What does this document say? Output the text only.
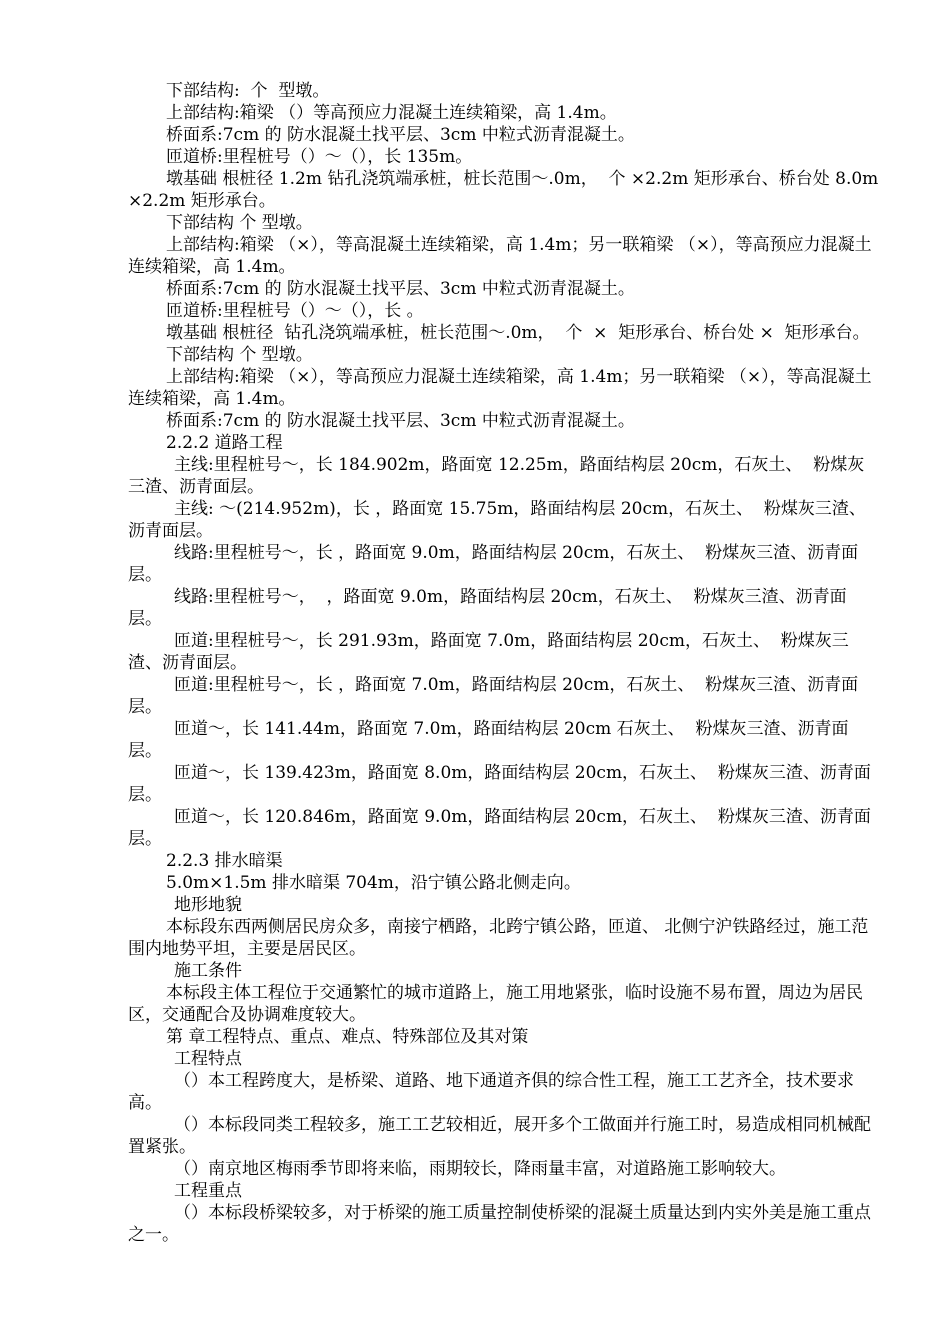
下部结构:  个  型墩。

上部结构:箱梁 （）等高预应力混凝土连续箱梁，高 1.4m。

桥面系:7cm 的 防水混凝土找平层、3cm 中粒式沥青混凝土。

匝道桥:里程桩号（）～（），长 135m。

墩基础 根桩径 1.2m 钻孔浇筑端承桩，桩长范围～.0m，  个 ×2.2m 矩形承台、桥台处 8.0m ×2.2m 矩形承台。

下部结构 个 型墩。

上部结构:箱梁 （×），等高混凝土连续箱梁，高 1.4m；另一联箱梁 （×），等高预应力混凝土连续箱梁，高 1.4m。

桥面系:7cm 的 防水混凝土找平层、3cm 中粒式沥青混凝土。

匝道桥:里程桩号（）～（），长 。

墩基础 根桩径  钻孔浇筑端承桩，桩长范围～.0m，  个  ×  矩形承台、桥台处 ×  矩形承台。

下部结构 个 型墩。

上部结构:箱梁 （×），等高预应力混凝土连续箱梁，高 1.4m；另一联箱梁 （×），等高混凝土连续箱梁，高 1.4m。

桥面系:7cm 的 防水混凝土找平层、3cm 中粒式沥青混凝土。

2.2.2 道路工程

主线:里程桩号～，长 184.902m，路面宽 12.25m，路面结构层 20cm，石灰土、  粉煤灰三渣、沥青面层。

主线: ～(214.952m)，长 ，路面宽 15.75m，路面结构层 20cm，石灰土、  粉煤灰三渣、沥青面层。

线路:里程桩号～，长 ，路面宽 9.0m，路面结构层 20cm，石灰土、  粉煤灰三渣、沥青面层。

线路:里程桩号～，  ，路面宽 9.0m，路面结构层 20cm，石灰土、  粉煤灰三渣、沥青面层。

匝道:里程桩号～，长 291.93m，路面宽 7.0m，路面结构层 20cm，石灰土、  粉煤灰三渣、沥青面层。

匝道:里程桩号～，长 ，路面宽 7.0m，路面结构层 20cm，石灰土、  粉煤灰三渣、沥青面层。

匝道～，长 141.44m，路面宽 7.0m，路面结构层 20cm 石灰土、  粉煤灰三渣、沥青面层。

匝道～，长 139.423m，路面宽 8.0m，路面结构层 20cm，石灰土、  粉煤灰三渣、沥青面层。

匝道～，长 120.846m，路面宽 9.0m，路面结构层 20cm，石灰土、  粉煤灰三渣、沥青面层。

2.2.3 排水暗渠

5.0m×1.5m 排水暗渠 704m，沿宁镇公路北侧走向。

地形地貌

本标段东西两侧居民房众多，南接宁栖路，北跨宁镇公路，匝道、 北侧宁沪铁路经过，施工范围内地势平坦，主要是居民区。

施工条件

本标段主体工程位于交通繁忙的城市道路上，施工用地紧张，临时设施不易布置，周边为居民区，交通配合及协调难度较大。

第 章工程特点、重点、难点、特殊部位及其对策

工程特点

（）本工程跨度大，是桥梁、道路、地下通道齐俱的综合性工程，施工工艺齐全，技术要求高。

（）本标段同类工程较多，施工工艺较相近，展开多个工做面并行施工时，易造成相同机械配置紧张。

（）南京地区梅雨季节即将来临，雨期较长，降雨量丰富，对道路施工影响较大。

工程重点

（）本标段桥梁较多，对于桥梁的施工质量控制使桥梁的混凝土质量达到内实外美是施工重点之一。
